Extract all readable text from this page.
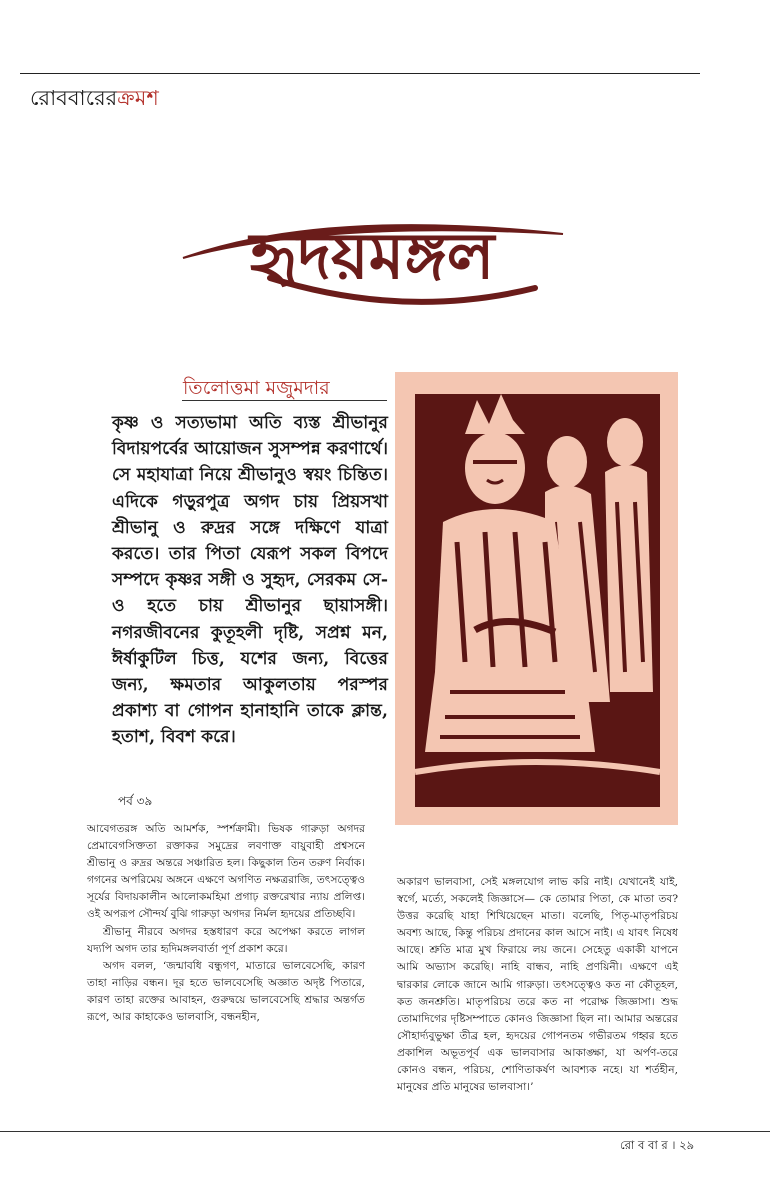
রোববারেরক্রমশ
হৃদয়মঙ্গল
তিলোত্তমা মজুমদার
কৃষ্ণ ও সত্যভামা অতি ব্যস্ত শ্রীভানুর বিদায়পর্বের আয়োজন সুসম্পন্ন করণার্থে। সে মহাযাত্রা নিয়ে শ্রীভানুও স্বয়ং চিন্তিত। এদিকে গড়ুরপুত্র অগদ চায় প্রিয়সখা শ্রীভানু ও রুদ্রর সঙ্গে দক্ষিণে যাত্রা করতে। তার পিতা যেরূপ সকল বিপদে সম্পদে কৃষ্ণর সঙ্গী ও সুহৃদ, সেরকম সে-ও হতে চায় শ্রীভানুর ছায়াসঙ্গী। নগরজীবনের কুতূহলী দৃষ্টি, সপ্রশ্ন মন, ঈর্ষাকুটিল চিত্ত, যশের জন্য, বিত্তের জন্য, ক্ষমতার আকুলতায় পরস্পর প্রকাশ্য বা গোপন হানাহানি তাকে ক্লান্ত, হতাশ, বিবশ করে।
পর্ব ৩৯

আবেগতরঙ্গ অতি আমর্শক, স্পর্শক্রামী। ভিষক গারুড়া অগদর প্রেমাবেগসিক্ততা রক্তাকর সমুদ্রের লবণাক্ত বায়ুবাহী প্রশ্বসনে শ্রীভানু ও রুদ্রর অন্তরে সঞ্চারিত হল। কিছুকাল তিন তরুণ নির্বাক। গগনের অপরিমেয় অঙ্গনে এক্ষণে অগণিত নক্ষত্ররাজি, তৎসত্ত্বেও সূর্যের বিদায়কালীন আলোকমহিমা প্রগাঢ় রক্তরেখার ন্যায় প্রলিপ্ত। ওই অপরূপ সৌন্দর্য বুঝি গারুড়া অগদর নির্মল হৃদয়ের প্রতিচ্ছবি।

শ্রীভানু নীরবে অগদর হস্তধারণ করে অপেক্ষা করতে লাগল যদ্যপি অগদ তার হৃদিমঙ্গলবার্তা পূর্ণ প্রকাশ করে।

অগদ বলল, ‘জন্মাবধি বন্ধুগণ, মাতারে ভালবেসেছি, কারণ তাহা নাড়ির বন্ধন। দূর হতে ভালবেসেছি অজ্ঞাত অদৃষ্ট পিতারে, কারণ তাহা রক্তের আবাহন, গুরুদ্বয়ে ভালবেসেছি শ্রদ্ধার অন্তর্গত রূপে, আর কাহাকেও ভালবাসি, বন্ধনহীন,

অকারণ ভালবাসা, সেই মঙ্গলযোগ লাভ করি নাই। যেখানেই যাই, স্বর্গে, মর্ত্যে, সকলেই জিজ্ঞাসে— কে তোমার পিতা, কে মাতা তব? উত্তর করেছি যাহা শিখিয়েছেন মাতা। বলেছি, পিতৃ-মাতৃপরিচয় অবশ্য আছে, কিন্তু পরিচয় প্রদানের কাল আসে নাই। এ যাবৎ নিষেধ আছে। শ্রুতি মাত্র মুখ ফিরায়ে লয় জনে। সেহেতু একাকী যাপনে আমি অভ্যাস করেছি। নাহি বান্ধব, নাহি প্রণয়িনী। এক্ষণে এই দ্বারকার লোকে জানে আমি গারুড়া। তৎসত্ত্বেও কত না কৌতূহল, কত জনশ্রুতি। মাতৃপরিচয় তরে কত না পরোক্ষ জিজ্ঞাসা। শুদ্ধ তোমাদিগের দৃষ্টিসম্পাতে কোনও জিজ্ঞাসা ছিল না। আমার অন্তরের সৌহার্দ্যবুভুক্ষা তীব্র হল, হৃদয়ের গোপনতম গভীরতম গহ্বর হতে প্রকাশিল অভূতপূর্ব এক ভালবাসার আকাঙ্ক্ষা, যা অর্পণ-তরে কোনও বন্ধন, পরিচয়, শোণিতাকর্ষণ আবশ্যক নহে। যা শর্তহীন, মানুষের প্রতি মানুষের ভালবাসা।’

রো ব বা র । ২৯
